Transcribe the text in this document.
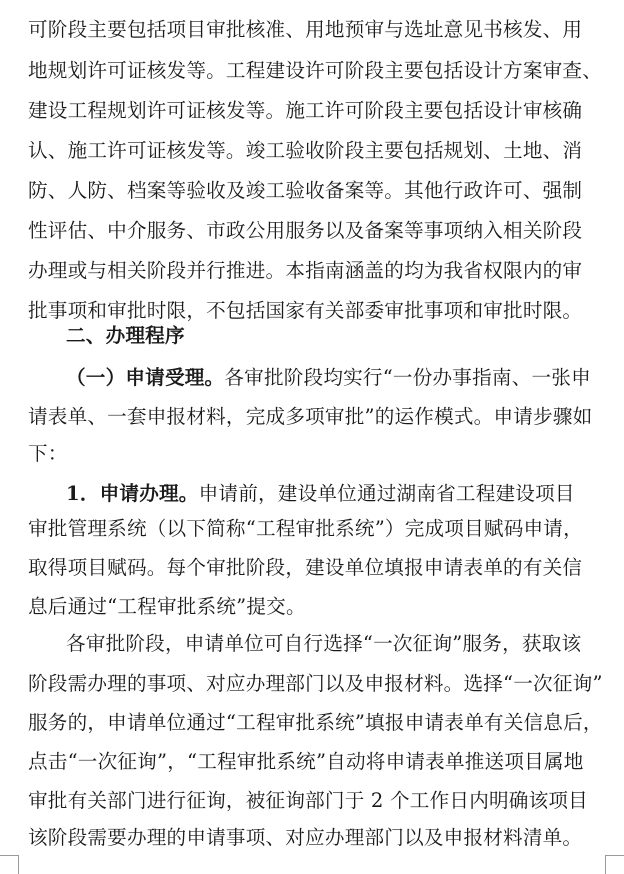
可阶段主要包括项目审批核准、用地预审与选址意见书核发、用
地规划许可证核发等。工程建设许可阶段主要包括设计方案审查、
建设工程规划许可证核发等。施工许可阶段主要包括设计审核确
认、施工许可证核发等。竣工验收阶段主要包括规划、土地、消
防、人防、档案等验收及竣工验收备案等。其他行政许可、强制
性评估、中介服务、市政公用服务以及备案等事项纳入相关阶段
办理或与相关阶段并行推进。本指南涵盖的均为我省权限内的审
批事项和审批时限，不包括国家有关部委审批事项和审批时限。
二、办理程序
（一）申请受理。各审批阶段均实行“一份办事指南、一张申
请表单、一套申报材料，完成多项审批”的运作模式。申请步骤如
下：
1．申请办理。申请前，建设单位通过湖南省工程建设项目
审批管理系统（以下简称“工程审批系统”）完成项目赋码申请，
取得项目赋码。每个审批阶段，建设单位填报申请表单的有关信
息后通过“工程审批系统”提交。
各审批阶段，申请单位可自行选择“一次征询”服务，获取该
阶段需办理的事项、对应办理部门以及申报材料。选择“一次征询”
服务的，申请单位通过“工程审批系统”填报申请表单有关信息后，
点击“一次征询”，“工程审批系统”自动将申请表单推送项目属地
审批有关部门进行征询，被征询部门于 2 个工作日内明确该项目
该阶段需要办理的申请事项、对应办理部门以及申报材料清单。
